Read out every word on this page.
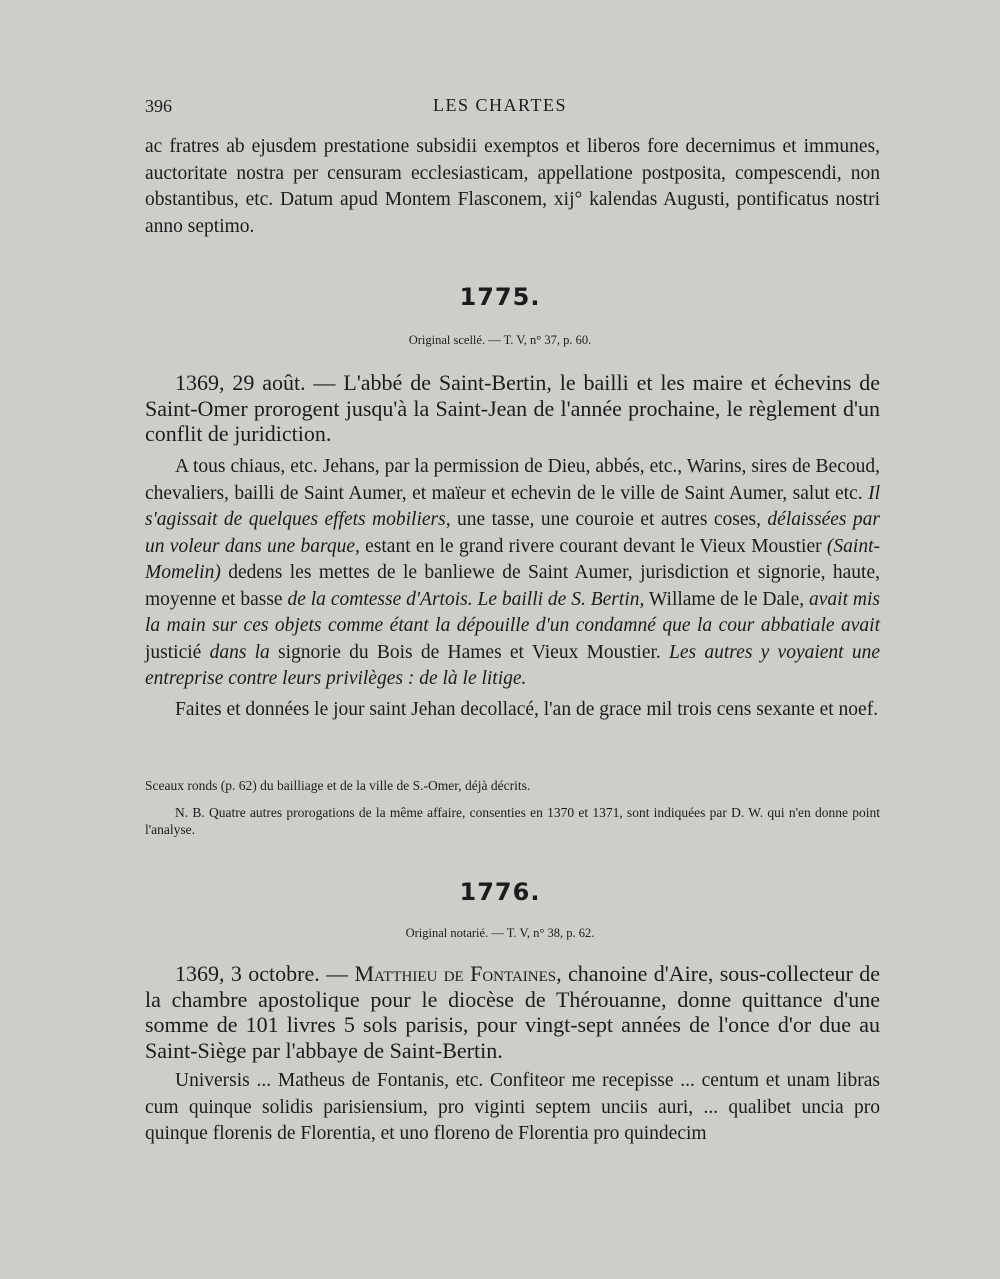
396	LES CHARTES

ac fratres ab ejusdem prestatione subsidii exemptos et liberos fore decernimus et immunes, auctoritate nostra per censuram ecclesiasticam, appellatione postposita, compescendi, non obstantibus, etc. Datum apud Montem Flasconem, xij° kalendas Augusti, pontificatus nostri anno septimo.

1775.
Original scellé. — T. V, n° 37, p. 60.

1369, 29 août. — L'abbé de Saint-Bertin, le bailli et les maire et échevins de Saint-Omer prorogent jusqu'à la Saint-Jean de l'année prochaine, le règlement d'un conflit de juridiction.

A tous chiaus, etc. Jehans, par la permission de Dieu, abbés, etc., Warins, sires de Becoud, chevaliers, bailli de Saint Aumer, et maïeur et echevin de le ville de Saint Aumer, salut etc. Il s'agissait de quelques effets mobiliers, une tasse, une couroie et autres coses, délaissées par un voleur dans une barque, estant en le grand rivere courant devant le Vieux Moustier (Saint-Momelin) dedens les mettes de le banliewe de Saint Aumer, jurisdiction et signorie, haute, moyenne et basse de la comtesse d'Artois. Le bailli de S. Bertin, Willame de le Dale, avait mis la main sur ces objets comme étant la dépouille d'un condamné que la cour abbatiale avait justicié dans la signorie du Bois de Hames et Vieux Moustier. Les autres y voyaient une entreprise contre leurs privilèges : de là le litige.

Faites et données le jour saint Jehan decollacé, l'an de grace mil trois cens sexante et noef.

Sceaux ronds (p. 62) du bailliage et de la ville de S.-Omer, déjà décrits.
N. B. Quatre autres prorogations de la même affaire, consenties en 1370 et 1371, sont indiquées par D. W. qui n'en donne point l'analyse.
1776.
Original notarié. — T. V, n° 38, p. 62.

1369, 3 octobre. — Matthieu de Fontaines, chanoine d'Aire, sous-collecteur de la chambre apostolique pour le diocèse de Thérouanne, donne quittance d'une somme de 101 livres 5 sols parisis, pour vingt-sept années de l'once d'or due au Saint-Siège par l'abbaye de Saint-Bertin.

Universis ... Matheus de Fontanis, etc. Confiteor me recepisse ... centum et unam libras cum quinque solidis parisiensium, pro viginti septem unciis auri, ... qualibet uncia pro quinque florenis de Florentia, et uno floreno de Florentia pro quindecim
